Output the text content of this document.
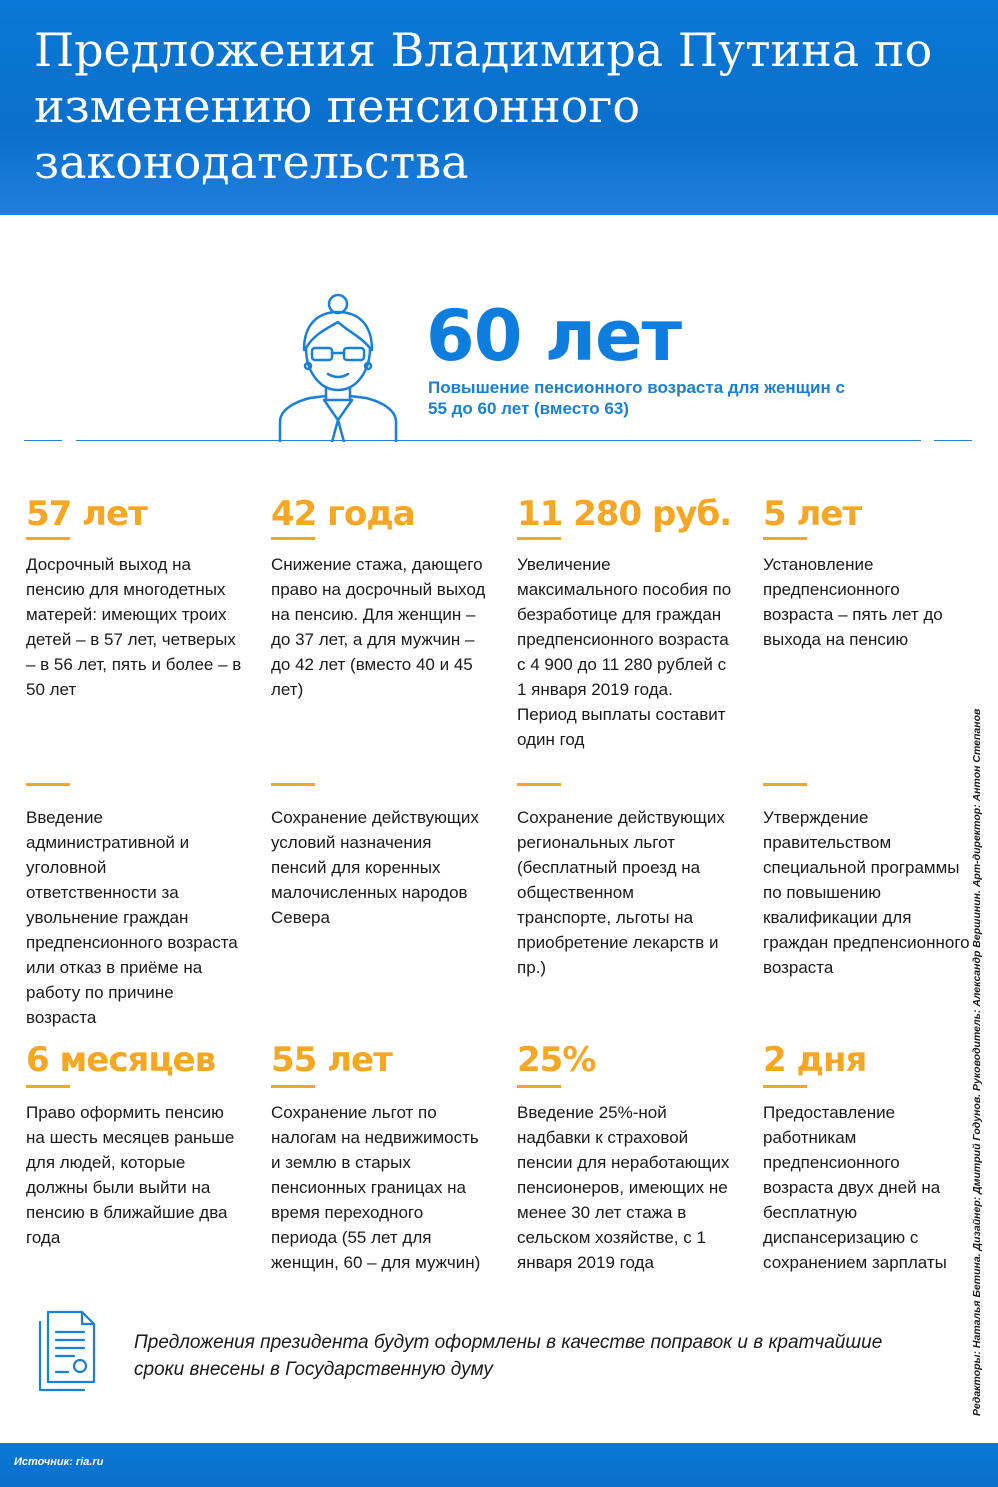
Предложения Владимира Путина по изменению пенсионного законодательства
60 лет
Повышение пенсионного возраста для женщин с 55 до 60 лет (вместо 63)
57 лет
Досрочный выход на пенсию для многодетных матерей: имеющих троих детей – в 57 лет, четверых – в 56 лет, пять и более – в 50 лет
42 года
Снижение стажа, дающего право на досрочный выход на пенсию. Для женщин – до 37 лет, а для мужчин – до 42 лет (вместо 40 и 45 лет)
11 280 руб.
Увеличение максимального пособия по безработице для граждан предпенсионного возраста с 4 900 до 11 280 рублей с 1 января 2019 года. Период выплаты составит один год
5 лет
Установление предпенсионного возраста – пять лет до выхода на пенсию
Введение административной и уголовной ответственности за увольнение граждан предпенсионного возраста или отказ в приёме на работу по причине возраста
Сохранение действующих условий назначения пенсий для коренных малочисленных народов Севера
Сохранение действующих региональных льгот (бесплатный проезд на общественном транспорте, льготы на приобретение лекарств и пр.)
Утверждение правительством специальной программы по повышению квалификации для граждан предпенсионного возраста
6 месяцев
Право оформить пенсию на шесть месяцев раньше для людей, которые должны были выйти на пенсию в ближайшие два года
55 лет
Сохранение льгот по налогам на недвижимость и землю в старых пенсионных границах на время переходного периода (55 лет для женщин, 60 – для мужчин)
25%
Введение 25%-ной надбавки к страховой пенсии для неработающих пенсионеров, имеющих не менее 30 лет стажа в сельском хозяйстве, с 1 января 2019 года
2 дня
Предоставление работникам предпенсионного возраста двух дней на бесплатную диспансеризацию с сохранением зарплаты
Предложения президента будут оформлены в качестве поправок и в кратчайшие сроки внесены в Государственную думу	Редакторы: Наталья Бетина. Дизайнер: Дмитрий Годунов. Руководитель: Александр Вершинин. Арт-директор: Антон Степанов
Источник: ria.ru
